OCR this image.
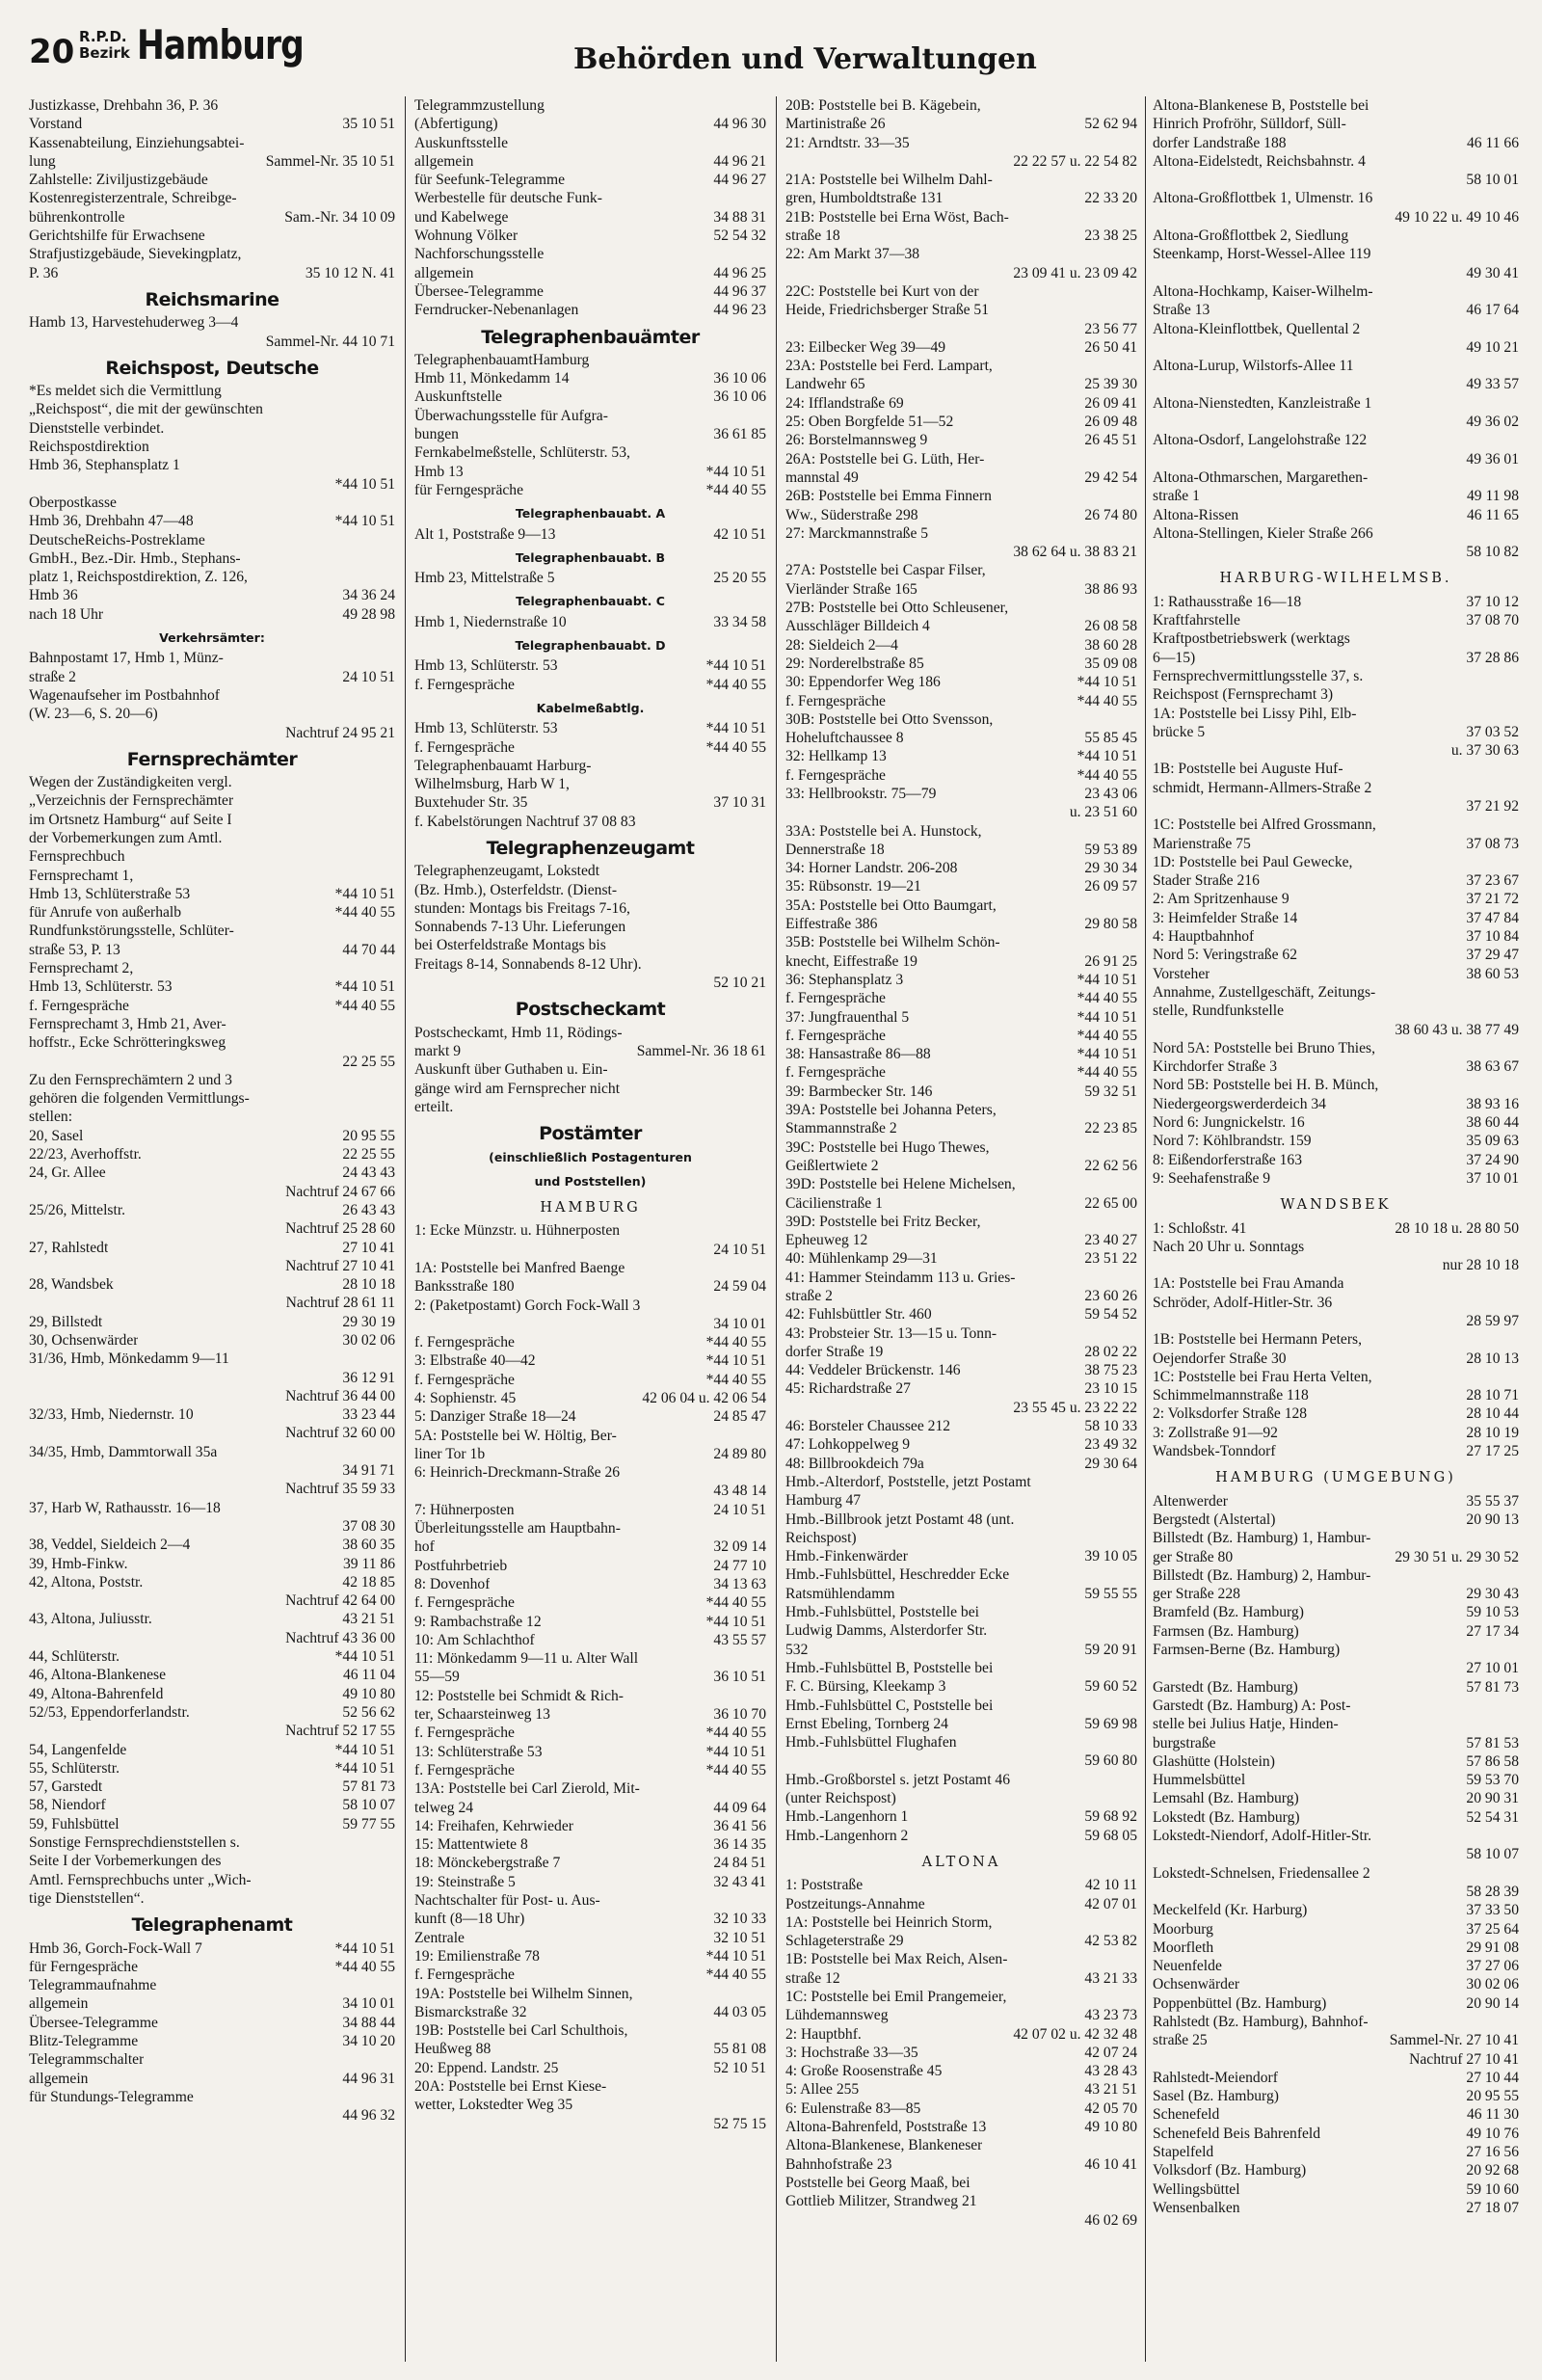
20 R.P.D.
Bezirk Hamburg	Behörden und Verwaltungen
Justizkasse, Drehbahn 36, P. 36
Vorstand	35 10 51
Kassenabteilung, Einziehungsabtei-
lung	Sammel-Nr. 35 10 51
Zahlstelle: Ziviljustizgebäude
Kostenregisterzentrale, Schreibge-
bührenkontrolle	Sam.-Nr. 34 10 09
Gerichtshilfe für Erwachsene
Strafjustizgebäude, Sievekingplatz,
P. 36	35 10 12 N. 41
Reichsmarine
Hamb 13, Harvestehuderweg 3—4
Sammel-Nr. 44 10 71
Reichspost, Deutsche
*Es meldet sich die Vermittlung
„Reichspost“, die mit der gewünschten
Dienststelle verbindet.
Reichspostdirektion
Hmb 36, Stephansplatz 1
*44 10 51
Oberpostkasse
Hmb 36, Drehbahn 47—48	*44 10 51
DeutscheReichs-Postreklame
GmbH., Bez.-Dir. Hmb., Stephans-
platz 1, Reichspostdirektion, Z. 126,
Hmb 36	34 36 24
nach 18 Uhr	49 28 98
Verkehrsämter:
Bahnpostamt 17, Hmb 1, Münz-
straße 2	24 10 51
Wagenaufseher im Postbahnhof
(W. 23—6, S. 20—6)
Nachtruf 24 95 21
Fernsprechämter
Wegen der Zuständigkeiten vergl.
„Verzeichnis der Fernsprechämter
im Ortsnetz Hamburg“ auf Seite I
der Vorbemerkungen zum Amtl.
Fernsprechbuch
Fernsprechamt 1,
Hmb 13, Schlüterstraße 53	*44 10 51
für Anrufe von außerhalb	*44 40 55
Rundfunkstörungsstelle, Schlüter-
straße 53, P. 13	44 70 44
Fernsprechamt 2,
Hmb 13, Schlüterstr. 53	*44 10 51
f. Ferngespräche	*44 40 55
Fernsprechamt 3, Hmb 21, Aver-
hoffstr., Ecke Schrötteringksweg
22 25 55
Zu den Fernsprechämtern 2 und 3
gehören die folgenden Vermittlungs-
stellen:
20, Sasel	20 95 55
22/23, Averhoffstr.	22 25 55
24, Gr. Allee	24 43 43
Nachtruf 24 67 66
25/26, Mittelstr.	26 43 43
Nachtruf 25 28 60
27, Rahlstedt	27 10 41
Nachtruf 27 10 41
28, Wandsbek	28 10 18
Nachtruf 28 61 11
29, Billstedt	29 30 19
30, Ochsenwärder	30 02 06
31/36, Hmb, Mönkedamm 9—11
36 12 91
Nachtruf 36 44 00
32/33, Hmb, Niedernstr. 10	33 23 44
Nachtruf 32 60 00
34/35, Hmb, Dammtorwall 35a
34 91 71
Nachtruf 35 59 33
37, Harb W, Rathausstr. 16—18
37 08 30
38, Veddel, Sieldeich 2—4	38 60 35
39, Hmb-Finkw.	39 11 86
42, Altona, Poststr.	42 18 85
Nachtruf 42 64 00
43, Altona, Juliusstr.	43 21 51
Nachtruf 43 36 00
44, Schlüterstr.	*44 10 51
46, Altona-Blankenese	46 11 04
49, Altona-Bahrenfeld	49 10 80
52/53, Eppendorferlandstr.	52 56 62
Nachtruf 52 17 55
54, Langenfelde	*44 10 51
55, Schlüterstr.	*44 10 51
57, Garstedt	57 81 73
58, Niendorf	58 10 07
59, Fuhlsbüttel	59 77 55
Sonstige Fernsprechdienststellen s.
Seite I der Vorbemerkungen des
Amtl. Fernsprechbuchs unter „Wich-
tige Dienststellen“.
Telegraphenamt
Hmb 36, Gorch-Fock-Wall 7	*44 10 51
für Ferngespräche	*44 40 55
Telegrammaufnahme
allgemein	34 10 01
Übersee-Telegramme	34 88 44
Blitz-Telegramme	34 10 20
Telegrammschalter
allgemein	44 96 31
für Stundungs-Telegramme
44 96 32
Telegrammzustellung
(Abfertigung)	44 96 30
Auskunftsstelle
allgemein	44 96 21
für Seefunk-Telegramme	44 96 27
Werbestelle für deutsche Funk-
und Kabelwege	34 88 31
Wohnung Völker	52 54 32
Nachforschungsstelle
allgemein	44 96 25
Übersee-Telegramme	44 96 37
Ferndrucker-Nebenanlagen	44 96 23
Telegraphenbauämter
TelegraphenbauamtHamburg
Hmb 11, Mönkedamm 14	36 10 06
Auskunftstelle	36 10 06
Überwachungsstelle für Aufgra-
bungen	36 61 85
Fernkabelmeßstelle, Schlüterstr. 53,
Hmb 13	*44 10 51
für Ferngespräche	*44 40 55
Telegraphenbauabt. A
Alt 1, Poststraße 9—13	42 10 51
Telegraphenbauabt. B
Hmb 23, Mittelstraße 5	25 20 55
Telegraphenbauabt. C
Hmb 1, Niedernstraße 10	33 34 58
Telegraphenbauabt. D
Hmb 13, Schlüterstr. 53	*44 10 51
f. Ferngespräche	*44 40 55
Kabelmeßabtlg.
Hmb 13, Schlüterstr. 53	*44 10 51
f. Ferngespräche	*44 40 55
Telegraphenbauamt Harburg-
Wilhelmsburg, Harb W 1,
Buxtehuder Str. 35	37 10 31
f. Kabelstörungen Nachtruf 37 08 83
Telegraphenzeugamt
Telegraphenzeugamt, Lokstedt
(Bz. Hmb.), Osterfeldstr. (Dienst-
stunden: Montags bis Freitags 7-16,
Sonnabends 7-13 Uhr. Lieferungen
bei Osterfeldstraße Montags bis
Freitags 8-14, Sonnabends 8-12 Uhr).
52 10 21
Postscheckamt
Postscheckamt, Hmb 11, Rödings-
markt 9	Sammel-Nr. 36 18 61
Auskunft über Guthaben u. Ein-
gänge wird am Fernsprecher nicht
erteilt.
Postämter
(einschließlich Postagenturen
und Poststellen)
HAMBURG
1: Ecke Münzstr. u. Hühnerposten
24 10 51
1A: Poststelle bei Manfred Baenge
Banksstraße 180	24 59 04
2: (Paketpostamt) Gorch Fock-Wall 3
34 10 01
f. Ferngespräche	*44 40 55
3: Elbstraße 40—42	*44 10 51
f. Ferngespräche	*44 40 55
4: Sophienstr. 45	42 06 04 u. 42 06 54
5: Danziger Straße 18—24	24 85 47
5A: Poststelle bei W. Höltig, Ber-
liner Tor 1b	24 89 80
6: Heinrich-Dreckmann-Straße 26
43 48 14
7: Hühnerposten	24 10 51
Überleitungsstelle am Hauptbahn-
hof	32 09 14
Postfuhrbetrieb	24 77 10
8: Dovenhof	34 13 63
f. Ferngespräche	*44 40 55
9: Rambachstraße 12	*44 10 51
10: Am Schlachthof	43 55 57
11: Mönkedamm 9—11 u. Alter Wall
55—59	36 10 51
12: Poststelle bei Schmidt & Rich-
ter, Schaarsteinweg 13	36 10 70
f. Ferngespräche	*44 40 55
13: Schlüterstraße 53	*44 10 51
f. Ferngespräche	*44 40 55
13A: Poststelle bei Carl Zierold, Mit-
telweg 24	44 09 64
14: Freihafen, Kehrwieder	36 41 56
15: Mattentwiete 8	36 14 35
18: Mönckebergstraße 7	24 84 51
19: Steinstraße 5	32 43 41
Nachtschalter für Post- u. Aus-
kunft (8—18 Uhr)	32 10 33
Zentrale	32 10 51
19: Emilienstraße 78	*44 10 51
f. Ferngespräche	*44 40 55
19A: Poststelle bei Wilhelm Sinnen,
Bismarckstraße 32	44 03 05
19B: Poststelle bei Carl Schulthois,
Heußweg 88	55 81 08
20: Eppend. Landstr. 25	52 10 51
20A: Poststelle bei Ernst Kiese-
wetter, Lokstedter Weg 35
52 75 15
20B: Poststelle bei B. Kägebein,
Martinistraße 26	52 62 94
21: Arndtstr. 33—35
22 22 57 u. 22 54 82
21A: Poststelle bei Wilhelm Dahl-
gren, Humboldtstraße 131	22 33 20
21B: Poststelle bei Erna Wöst, Bach-
straße 18	23 38 25
22: Am Markt 37—38
23 09 41 u. 23 09 42
22C: Poststelle bei Kurt von der
Heide, Friedrichsberger Straße 51
23 56 77
23: Eilbecker Weg 39—49	26 50 41
23A: Poststelle bei Ferd. Lampart,
Landwehr 65	25 39 30
24: Ifflandstraße 69	26 09 41
25: Oben Borgfelde 51—52	26 09 48
26: Borstelmannsweg 9	26 45 51
26A: Poststelle bei G. Lüth, Her-
mannstal 49	29 42 54
26B: Poststelle bei Emma Finnern
Ww., Süderstraße 298	26 74 80
27: Marckmannstraße 5
38 62 64 u. 38 83 21
27A: Poststelle bei Caspar Filser,
Vierländer Straße 165	38 86 93
27B: Poststelle bei Otto Schleusener,
Ausschläger Billdeich 4	26 08 58
28: Sieldeich 2—4	38 60 28
29: Norderelbstraße 85	35 09 08
30: Eppendorfer Weg 186	*44 10 51
f. Ferngespräche	*44 40 55
30B: Poststelle bei Otto Svensson,
Hoheluftchaussee 8	55 85 45
32: Hellkamp 13	*44 10 51
f. Ferngespräche	*44 40 55
33: Hellbrookstr. 75—79	23 43 06
u. 23 51 60
33A: Poststelle bei A. Hunstock,
Dennerstraße 18	59 53 89
34: Horner Landstr. 206-208	29 30 34
35: Rübsonstr. 19—21	26 09 57
35A: Poststelle bei Otto Baumgart,
Eiffestraße 386	29 80 58
35B: Poststelle bei Wilhelm Schön-
knecht, Eiffestraße 19	26 91 25
36: Stephansplatz 3	*44 10 51
f. Ferngespräche	*44 40 55
37: Jungfrauenthal 5	*44 10 51
f. Ferngespräche	*44 40 55
38: Hansastraße 86—88	*44 10 51
f. Ferngespräche	*44 40 55
39: Barmbecker Str. 146	59 32 51
39A: Poststelle bei Johanna Peters,
Stammannstraße 2	22 23 85
39C: Poststelle bei Hugo Thewes,
Geißlertwiete 2	22 62 56
39D: Poststelle bei Helene Michelsen,
Cäcilienstraße 1	22 65 00
39D: Poststelle bei Fritz Becker,
Epheuweg 12	23 40 27
40: Mühlenkamp 29—31	23 51 22
41: Hammer Steindamm 113 u. Gries-
straße 2	23 60 26
42: Fuhlsbüttler Str. 460	59 54 52
43: Probsteier Str. 13—15 u. Tonn-
dorfer Straße 19	28 02 22
44: Veddeler Brückenstr. 146	38 75 23
45: Richardstraße 27	23 10 15
23 55 45 u. 23 22 22
46: Borsteler Chaussee 212	58 10 33
47: Lohkoppelweg 9	23 49 32
48: Billbrookdeich 79a	29 30 64
Hmb.-Alterdorf, Poststelle, jetzt Postamt
Hamburg 47
Hmb.-Billbrook jetzt Postamt 48 (unt.
Reichspost)
Hmb.-Finkenwärder	39 10 05
Hmb.-Fuhlsbüttel, Heschredder Ecke
Ratsmühlendamm	59 55 55
Hmb.-Fuhlsbüttel, Poststelle bei
Ludwig Damms, Alsterdorfer Str.
532	59 20 91
Hmb.-Fuhlsbüttel B, Poststelle bei
F. C. Bürsing, Kleekamp 3	59 60 52
Hmb.-Fuhlsbüttel C, Poststelle bei
Ernst Ebeling, Tornberg 24	59 69 98
Hmb.-Fuhlsbüttel Flughafen
59 60 80
Hmb.-Großborstel s. jetzt Postamt 46
(unter Reichspost)
Hmb.-Langenhorn 1	59 68 92
Hmb.-Langenhorn 2	59 68 05
ALTONA
1: Poststraße	42 10 11
Postzeitungs-Annahme	42 07 01
1A: Poststelle bei Heinrich Storm,
Schlageterstraße 29	42 53 82
1B: Poststelle bei Max Reich, Alsen-
straße 12	43 21 33
1C: Poststelle bei Emil Prangemeier,
Lühdemannsweg	43 23 73
2: Hauptbhf.	42 07 02 u. 42 32 48
3: Hochstraße 33—35	42 07 24
4: Große Roosenstraße 45	43 28 43
5: Allee 255	43 21 51
6: Eulenstraße 83—85	42 05 70
Altona-Bahrenfeld, Poststraße 13	49 10 80
Altona-Blankenese, Blankeneser
Bahnhofstraße 23	46 10 41
Poststelle bei Georg Maaß, bei
Gottlieb Militzer, Strandweg 21
46 02 69
Altona-Blankenese B, Poststelle bei
Hinrich Profröhr, Sülldorf, Süll-
dorfer Landstraße 188	46 11 66
Altona-Eidelstedt, Reichsbahnstr. 4
58 10 01
Altona-Großflottbek 1, Ulmenstr. 16
49 10 22 u. 49 10 46
Altona-Großflottbek 2, Siedlung
Steenkamp, Horst-Wessel-Allee 119
49 30 41
Altona-Hochkamp, Kaiser-Wilhelm-
Straße 13	46 17 64
Altona-Kleinflottbek, Quellental 2
49 10 21
Altona-Lurup, Wilstorfs-Allee 11
49 33 57
Altona-Nienstedten, Kanzleistraße 1
49 36 02
Altona-Osdorf, Langelohstraße 122
49 36 01
Altona-Othmarschen, Margarethen-
straße 1	49 11 98
Altona-Rissen	46 11 65
Altona-Stellingen, Kieler Straße 266
58 10 82
HARBURG-WILHELMSB.
1: Rathausstraße 16—18	37 10 12
Kraftfahrstelle	37 08 70
Kraftpostbetriebswerk (werktags
6—15)	37 28 86
Fernsprechvermittlungsstelle 37, s.
Reichspost (Fernsprechamt 3)
1A: Poststelle bei Lissy Pihl, Elb-
brücke 5	37 03 52
u. 37 30 63
1B: Poststelle bei Auguste Huf-
schmidt, Hermann-Allmers-Straße 2
37 21 92
1C: Poststelle bei Alfred Grossmann,
Marienstraße 75	37 08 73
1D: Poststelle bei Paul Gewecke,
Stader Straße 216	37 23 67
2: Am Spritzenhause 9	37 21 72
3: Heimfelder Straße 14	37 47 84
4: Hauptbahnhof	37 10 84
Nord 5: Veringstraße 62	37 29 47
Vorsteher	38 60 53
Annahme, Zustellgeschäft, Zeitungs-
stelle, Rundfunkstelle
38 60 43 u. 38 77 49
Nord 5A: Poststelle bei Bruno Thies,
Kirchdorfer Straße 3	38 63 67
Nord 5B: Poststelle bei H. B. Münch,
Niedergeorgswerderdeich 34	38 93 16
Nord 6: Jungnickelstr. 16	38 60 44
Nord 7: Köhlbrandstr. 159	35 09 63
8: Eißendorferstraße 163	37 24 90
9: Seehafenstraße 9	37 10 01
WANDSBEK
1: Schloßstr. 41	28 10 18 u. 28 80 50
Nach 20 Uhr u. Sonntags
nur 28 10 18
1A: Poststelle bei Frau Amanda
Schröder, Adolf-Hitler-Str. 36
28 59 97
1B: Poststelle bei Hermann Peters,
Oejendorfer Straße 30	28 10 13
1C: Poststelle bei Frau Herta Velten,
Schimmelmannstraße 118	28 10 71
2: Volksdorfer Straße 128	28 10 44
3: Zollstraße 91—92	28 10 19
Wandsbek-Tonndorf	27 17 25
HAMBURG (UMGEBUNG)
Altenwerder	35 55 37
Bergstedt (Alstertal)	20 90 13
Billstedt (Bz. Hamburg) 1, Hambur-
ger Straße 80	29 30 51 u. 29 30 52
Billstedt (Bz. Hamburg) 2, Hambur-
ger Straße 228	29 30 43
Bramfeld (Bz. Hamburg)	59 10 53
Farmsen (Bz. Hamburg)	27 17 34
Farmsen-Berne (Bz. Hamburg)
27 10 01
Garstedt (Bz. Hamburg)	57 81 73
Garstedt (Bz. Hamburg) A: Post-
stelle bei Julius Hatje, Hinden-
burgstraße	57 81 53
Glashütte (Holstein)	57 86 58
Hummelsbüttel	59 53 70
Lemsahl (Bz. Hamburg)	20 90 31
Lokstedt (Bz. Hamburg)	52 54 31
Lokstedt-Niendorf, Adolf-Hitler-Str.
58 10 07
Lokstedt-Schnelsen, Friedensallee 2
58 28 39
Meckelfeld (Kr. Harburg)	37 33 50
Moorburg	37 25 64
Moorfleth	29 91 08
Neuenfelde	37 27 06
Ochsenwärder	30 02 06
Poppenbüttel (Bz. Hamburg)	20 90 14
Rahlstedt (Bz. Hamburg), Bahnhof-
straße 25	Sammel-Nr. 27 10 41
Nachtruf 27 10 41
Rahlstedt-Meiendorf	27 10 44
Sasel (Bz. Hamburg)	20 95 55
Schenefeld	46 11 30
Schenefeld Beis Bahrenfeld	49 10 76
Stapelfeld	27 16 56
Volksdorf (Bz. Hamburg)	20 92 68
Wellingsbüttel	59 10 60
Wensenbalken	27 18 07
